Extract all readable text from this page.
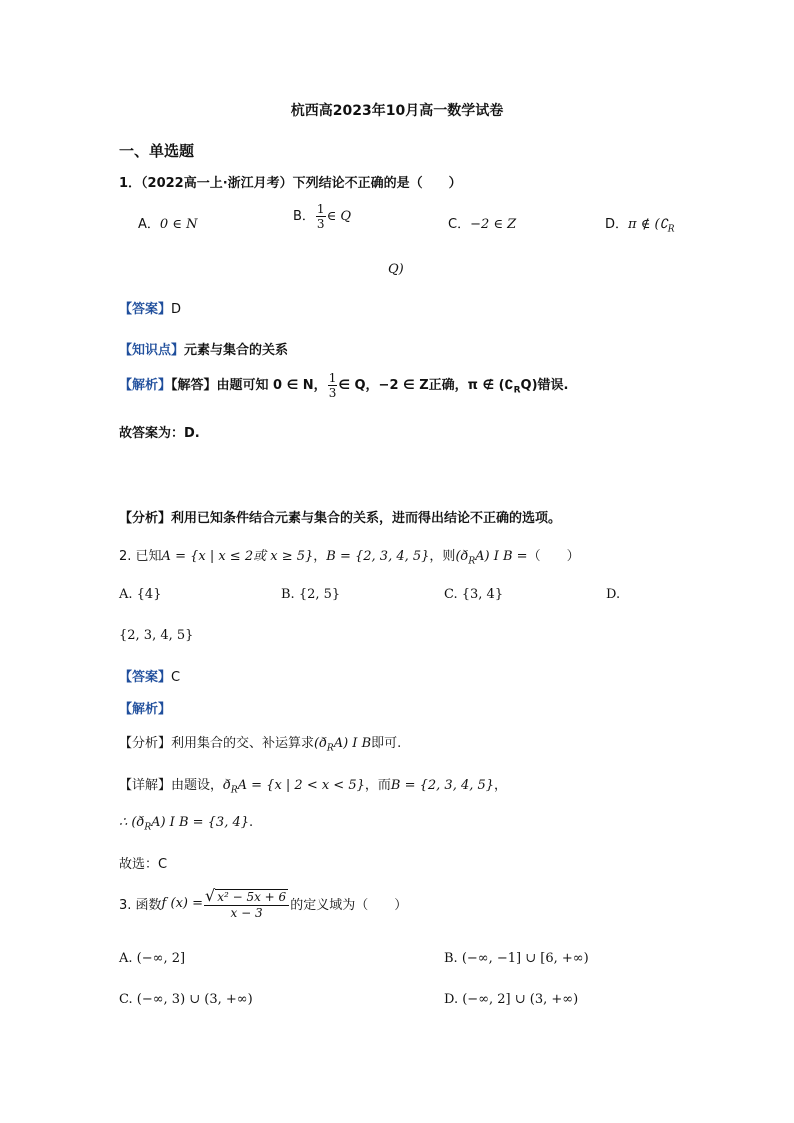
杭西高2023年10月高一数学试卷
一、单选题
1．（2022高一上·浙江月考）下列结论不正确的是（　　）
A．0 ∈ N
B． $\frac{1}{3}$ ∈ Q
C．−2 ∈ Z	D．π ∉ ($∁_R$
Q)
【答案】D
【知识点】元素与集合的关系
【解析】【解答】由题可知 0 ∈ N， $\frac{1}{3}$ ∈ Q，−2 ∈ Z正确，π ∉ $(∁_RQ)$错误.
故答案为：D.
【分析】利用已知条件结合元素与集合的关系，进而得出结论不正确的选项。
2. 已知A = {x | x ≤ 2或 x ≥ 5}，B = {2, 3, 4, 5}，则$(ð_RA)$ I B =（　　）
A. {4}	B. {2, 5}	C. {3, 4}	D.
{2, 3, 4, 5}
【答案】C
【解析】
【分析】利用集合的交、补运算求$(ð_RA)$ I B即可.
【详解】由题设，$ð_RA = \{x$ | 2 < x < 5}，而B = {2, 3, 4, 5}，
∴ $(ð_RA)$ I B = {3, 4}.
故选：C
3. 函数f $(x) = \frac{\text{√ x² − 5x + 6}}{x - 3}$ 的定义域为（　　）
A. (−∞, 2]	B. (−∞, −1] ∪ [6, +∞)
C. (−∞, 3) ∪ (3, +∞)	D. (−∞, 2] ∪ (3, +∞)
